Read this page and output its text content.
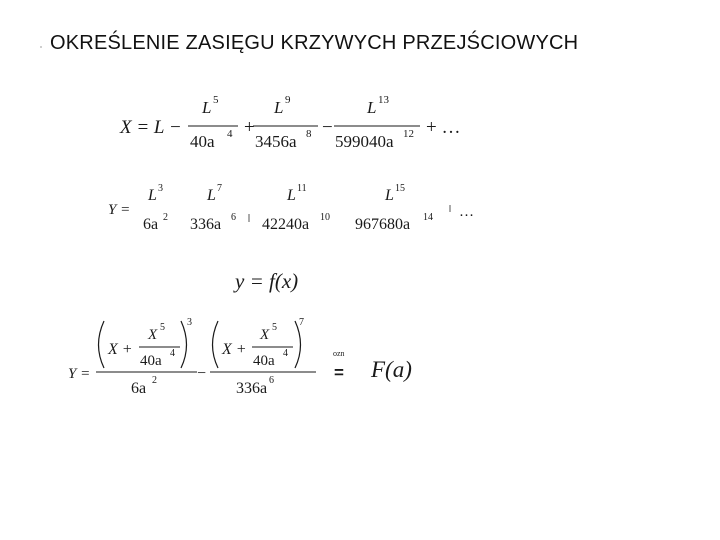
OKREŚLENIE ZASIĘGU KRZYWYCH PRZEJŚCIOWYCH
X = L −
L 5
40a 4 +
L 9
3456a 8 −
L 13
599040a 12 + …
Y =
L 3
6a 2
L 7
336a 6
L 11
42240a 10
L 15
967680a 14 …
y = f(x)
Y =
X +
X 5
40a 4
3
6a 2	−
X +
X 5
40a 4
7
336a 6
ozn
= F(a)
